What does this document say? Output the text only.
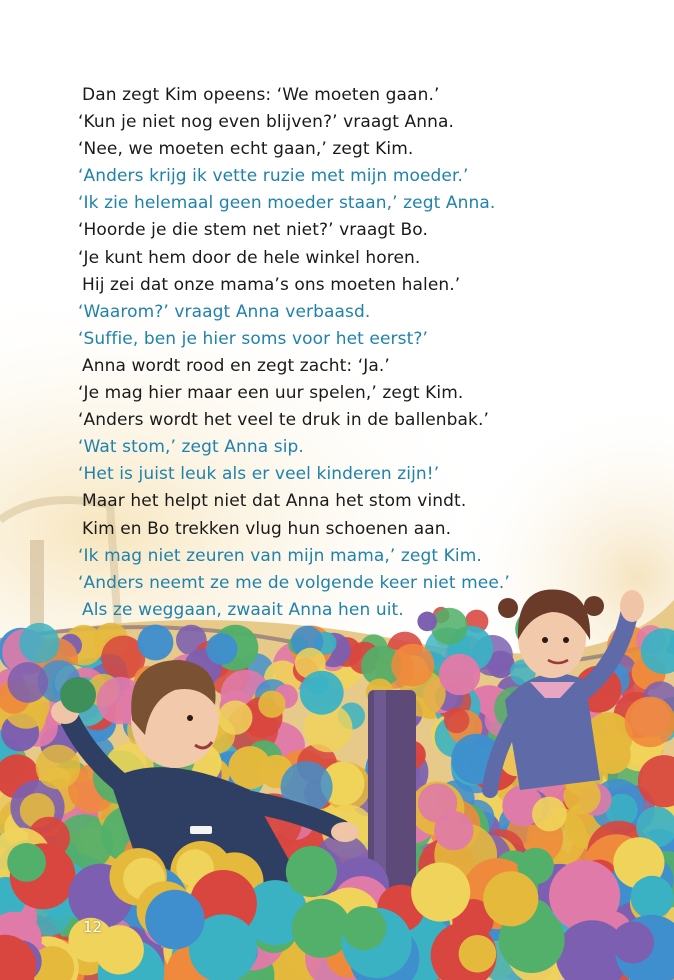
Dan zegt Kim opeens: ‘We moeten gaan.’
‘Kun je niet nog even blijven?’ vraagt Anna.
‘Nee, we moeten echt gaan,’ zegt Kim.
‘Anders krijg ik vette ruzie met mijn moeder.’
‘Ik zie helemaal geen moeder staan,’ zegt Anna.
‘Hoorde je die stem net niet?’ vraagt Bo.
‘Je kunt hem door de hele winkel horen.
Hij zei dat onze mama’s ons moeten halen.’
‘Waarom?’ vraagt Anna verbaasd.
‘Suffie, ben je hier soms voor het eerst?’
Anna wordt rood en zegt zacht: ‘Ja.’
‘Je mag hier maar een uur spelen,’ zegt Kim.
‘Anders wordt het veel te druk in de ballenbak.’
‘Wat stom,’ zegt Anna sip.
‘Het is juist leuk als er veel kinderen zijn!’
Maar het helpt niet dat Anna het stom vindt.
Kim en Bo trekken vlug hun schoenen aan.
‘Ik mag niet zeuren van mijn mama,’ zegt Kim.
‘Anders neemt ze me de volgende keer niet mee.’
Als ze weggaan, zwaait Anna hen uit.
12
